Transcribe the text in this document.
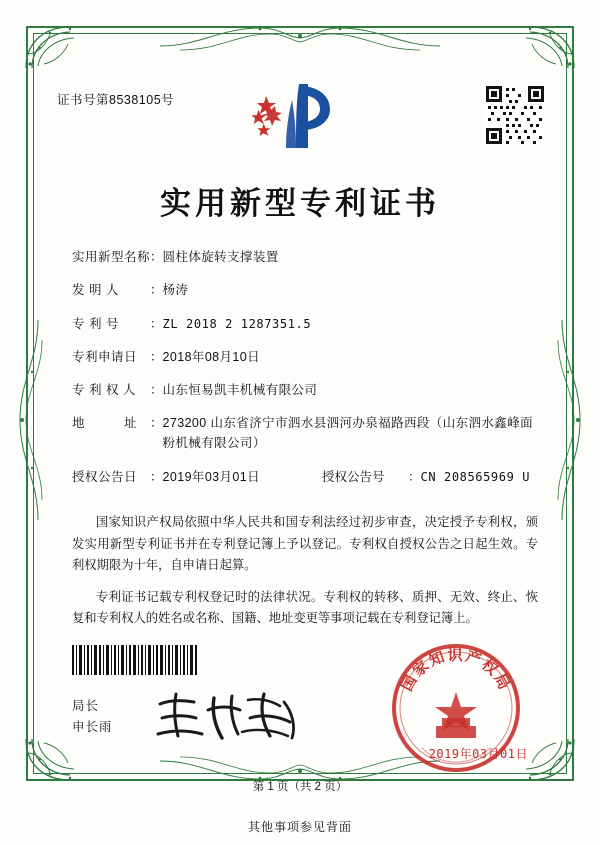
证书号第8538105号
实用新型专利证书
实用新型名称 ： 圆柱体旋转支撑装置
发 明 人	： 杨涛
专 利 号	： ZL 2018 2 1287351.5
专利申请日	： 2018年08月10日
专 利 权 人	： 山东恒易凯丰机械有限公司
地　　　址	： 273200 山东省济宁市泗水县泗河办泉福路西段（山东泗水鑫峰面粉机械有限公司）
授权公告日	： 2019年03月01日	授权公告号	： CN 208565969 U

国家知识产权局依照中华人民共和国专利法经过初步审查，决定授予专利权，颁发实用新型专利证书并在专利登记簿上予以登记。专利权自授权公告之日起生效。专利权期限为十年，自申请日起算。

专利证书记载专利权登记时的法律状况。专利权的转移、质押、无效、终止、恢复和专利权人的姓名或名称、国籍、地址变更等事项记载在专利登记簿上。

局长
申长雨
国家知识产权局
2019年03月01日
第 1 页（共 2 页）
其他事项参见背面
